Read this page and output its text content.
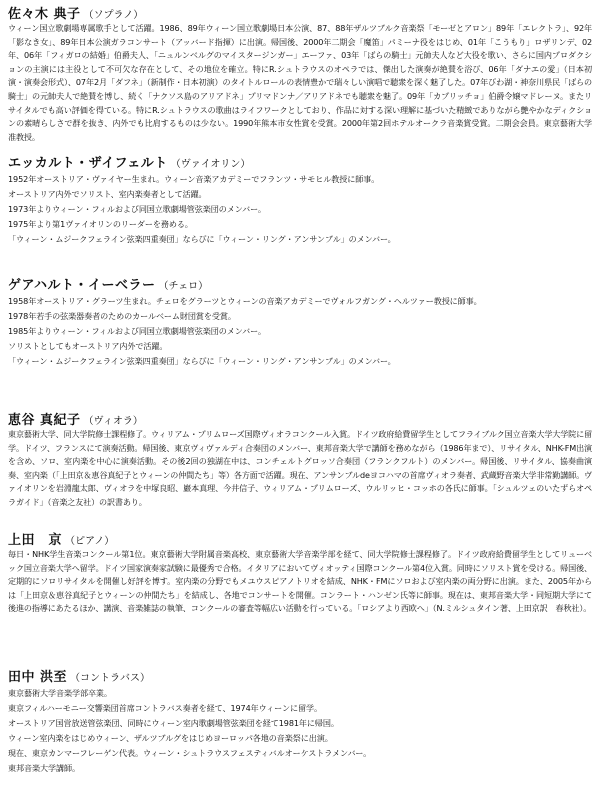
佐々木 典子 （ソプラノ）

ウィーン国立歌劇場専属歌手として活躍。1986、89年ウィーン国立歌劇場日本公演、87、88年ザルツブルク音楽祭「モーゼとアロン」89年「エレクトラ」、92年「影なき女」、89年日本公演ガラコンサート（アッバード指揮）に出演。帰国後、2000年二期会「魔笛」パミーナ役をはじめ、01年「こうもり」ロザリンデ、02年、06年「フィガロの結婚」伯爵夫人、「ニュルンベルグのマイスタージンガー」エーファ、03年「ばらの騎士」元帥夫人など大役を歌い、さらに国内プロダクションの主演には主役として不可欠な存在として、その地位を確立。特にR.シュトラウスのオペラでは、傑出した演奏が絶賛を浴び、06年「ダナエの愛」（日本初演・演奏会形式）、07年2月「ダフネ」（新制作・日本初演）のタイトルロールの表情豊かで瑞々しい演唱で聴衆を深く魅了した。07年びわ湖・神奈川県民「ばらの騎士」の元帥夫人で絶賛を博し、続く「ナクソス島のアリアドネ」プリマドンナ／アリアドネでも聴衆を魅了。09年「カプリッチョ」伯爵令嬢マドレーヌ。またリサイタルでも高い評価を得ている。特にR.シュトラウスの歌曲はライフワークとしており、作品に対する深い理解に基づいた精緻でありながら艶やかなディクションの素晴らしさで群を抜き、内外でも比肩するものは少ない。1990年熊本市女性賞を受賞。2000年第2回ホテルオークラ音楽賞受賞。二期会会員。東京藝術大学准教授。

エッカルト・ザイフェルト （ヴァイオリン）
1952年オーストリア・ヴァイヤー生まれ。ウィーン音楽アカデミーでフランツ・サモヒル教授に師事。
オーストリア内外でソリスト、室内楽奏者として活躍。
1973年よりウィーン・フィルおよび同国立歌劇場管弦楽団のメンバー。
1975年より第1ヴァイオリンのリーダーを務める。
「ウィーン・ムジークフェライン弦楽四重奏団」ならびに「ウィーン・リング・アンサンブル」のメンバー。
ゲアハルト・イーベラー （チェロ）
1958年オーストリア・グラーツ生まれ。チェロをグラーツとウィーンの音楽アカデミーでヴォルフガング・ヘルツァー教授に師事。
1978年若手の弦楽器奏者のためのカールベーム財団賞を受賞。
1985年よりウィーン・フィルおよび同国立歌劇場管弦楽団のメンバー。
ソリストとしてもオーストリア内外で活躍。
「ウィーン・ムジークフェライン弦楽四重奏団」ならびに「ウィーン・リング・アンサンブル」のメンバー。
恵谷 真紀子 （ヴィオラ）

東京藝術大学、同大学院修士課程修了。ウィリアム・プリムローズ国際ヴィオラコンクール入賞。ドイツ政府給費留学生としてフライブルク国立音楽大学大学院に留学。ドイツ、フランスにて演奏活動。帰国後、東京ヴィヴァルディ合奏団のメンバー、東邦音楽大学で講師を務めながら（1986年まで）、リサイタル、NHK-FM出演を含め、ソロ、室内楽を中心に演奏活動。その後2回の独湖在中は、コンチェルトグロッソ合奏団（フランクフルト）のメンバー。帰国後、リサイタル、協奏曲演奏、室内楽（「上田京＆恵谷真紀子とウィーンの仲間たち」等）各方面で活躍。現在、アンサンブルdeヨコハマの首席ヴィオラ奏者、武蔵野音楽大学非常勤講師。ヴァイオリンを岩淵龍太郎、ヴィオラを中塚良昭、巖本真理、今井信子、ウィリアム・プリムローズ、ウルリッヒ・コッホの各氏に師事。「シュルツェのいたずらオペラガイド」（音楽之友社）の訳書あり。

上田　京 （ピアノ）

毎日・NHK学生音楽コンクール第1位。東京藝術大学附属音楽高校、東京藝術大学音楽学部を経て、同大学院修士課程修了。ドイツ政府給費留学生としてリューベック国立音楽大学へ留学。ドイツ国家演奏家試験に最優秀で合格。イタリアにおいてヴィオッティ国際コンクール第4位入賞。同時にソリスト賞を受ける。帰国後、定期的にソロリサイタルを開催し好評を博す。室内楽の分野でもメユウスピアノトリオを結成、NHK・FMにソロおよび室内楽の両分野に出演。また、2005年からは「上田京＆恵谷真紀子とウィーンの仲間たち」を結成し、各地でコンサートを開催。コンラート・ハンゼン氏等に師事。現在は、東邦音楽大学・同短期大学にて後進の指導にあたるほか、講演、音楽雑誌の執筆、コンクールの審査等幅広い活動を行っている。「ロシアより西欧へ」（N.ミルシュタイン著、上田京訳　春秋社）。

田中 洪至 （コントラバス）
東京藝術大学音楽学部卒業。
東京フィルハーモニー交響楽団首席コントラバス奏者を経て、1974年ウィーンに留学。
オーストリア国営放送管弦楽団、同時にウィーン室内歌劇場管弦楽団を経て1981年に帰国。
ウィーン室内楽をはじめウィーン、ザルツブルグをはじめヨーロッパ各地の音楽祭に出演。
現在、東京カンマーフレーゲン代表。ウィーン・シュトラウスフェスティバルオーケストラメンバー。
東邦音楽大学講師。
